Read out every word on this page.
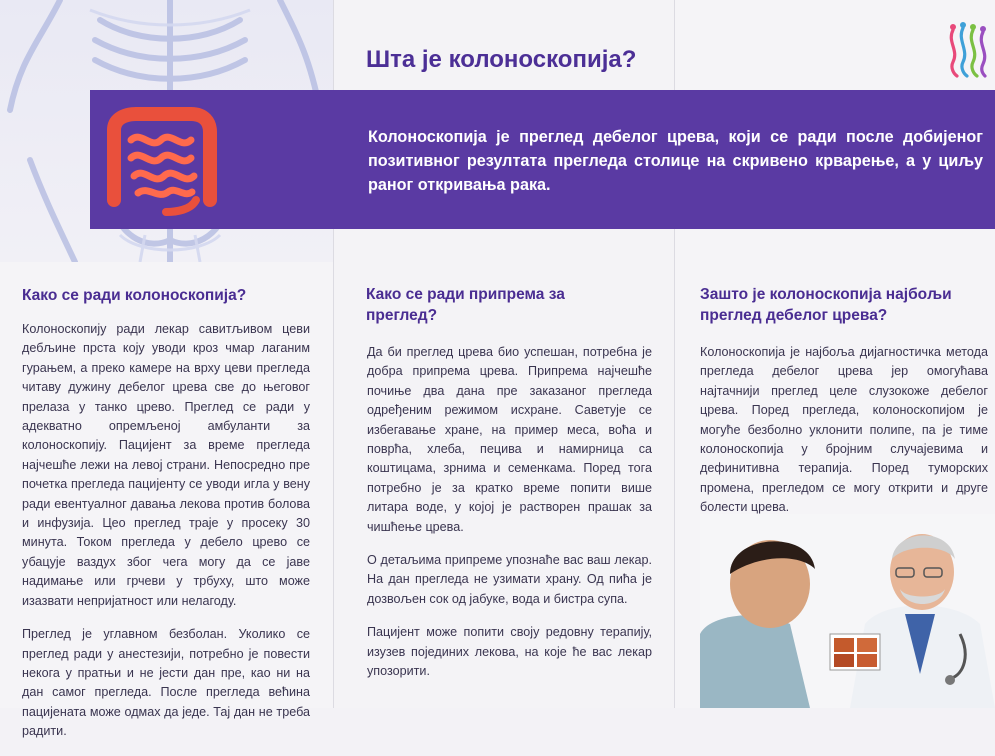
Шта је колоноскопија?
Колоноскопија је преглед дебелог црева, који се ради после добијеног позитивног резултата прегледа столице на скривено крварење, а у циљу раног откривања рака.
Како се ради колоноскопија?

Колоноскопију ради лекар савитљивом цеви дебљине прста коју уводи кроз чмар лаганим гурањем, а преко камере на врху цеви прегледа читаву дужину дебелог црева све до његовог прелаза у танко црево. Преглед се ради у адекватно опремљеној амбуланти за колоноскопију. Пацијент за време прегледа најчешће лежи на левој страни. Непосредно пре почетка прегледа пацијенту се уводи игла у вену ради евентуалног давања лекова против болова и инфузија. Цео преглед траје у просеку 30 минута. Током прегледа у дебело црево се убацује ваздух због чега могу да се јаве надимање или грчеви у трбуху, што може изазвати непријатност или нелагоду.

Преглед је углавном безболан. Уколико се преглед ради у анестезији, потребно је повести некога у пратњи и не јести дан пре, као ни на дан самог прегледа. После прегледа већина пацијената може одмах да једе. Тај дан не треба радити.

Како се ради припрема за преглед?

Да би преглед црева био успешан, потребна је добра припрема црева. Припрема најчешће почиње два дана пре заказаног прегледа одређеним режимом исхране. Саветује се избегавање хране, на пример меса, воћа и поврћа, хлеба, пецива и намирница са коштицама, зрнима и семенкама. Поред тога потребно је за кратко време попити више литара воде, у којој је растворен прашак за чишћење црева.

О детаљима припреме упознаће вас ваш лекар. На дан прегледа не узимати храну. Од пића је дозвољен сок од јабуке, вода и бистра супа.

Пацијент може попити своју редовну терапију, изузев појединих лекова, на које ће вас лекар упозорити.

Зашто је колоноскопија најбољи преглед дебелог црева?

Колоноскопија је најбоља дијагностичка метода прегледа дебелог црева јер омогућава најтачнији преглед целе слузокоже дебелог црева. Поред прегледа, колоноскопијом је могуће безболно уклонити полипе, па је тиме колоноскопија у бројним случајевима и дефинитивна терапија. Поред туморских промена, прегледом се могу открити и друге болести црева.
